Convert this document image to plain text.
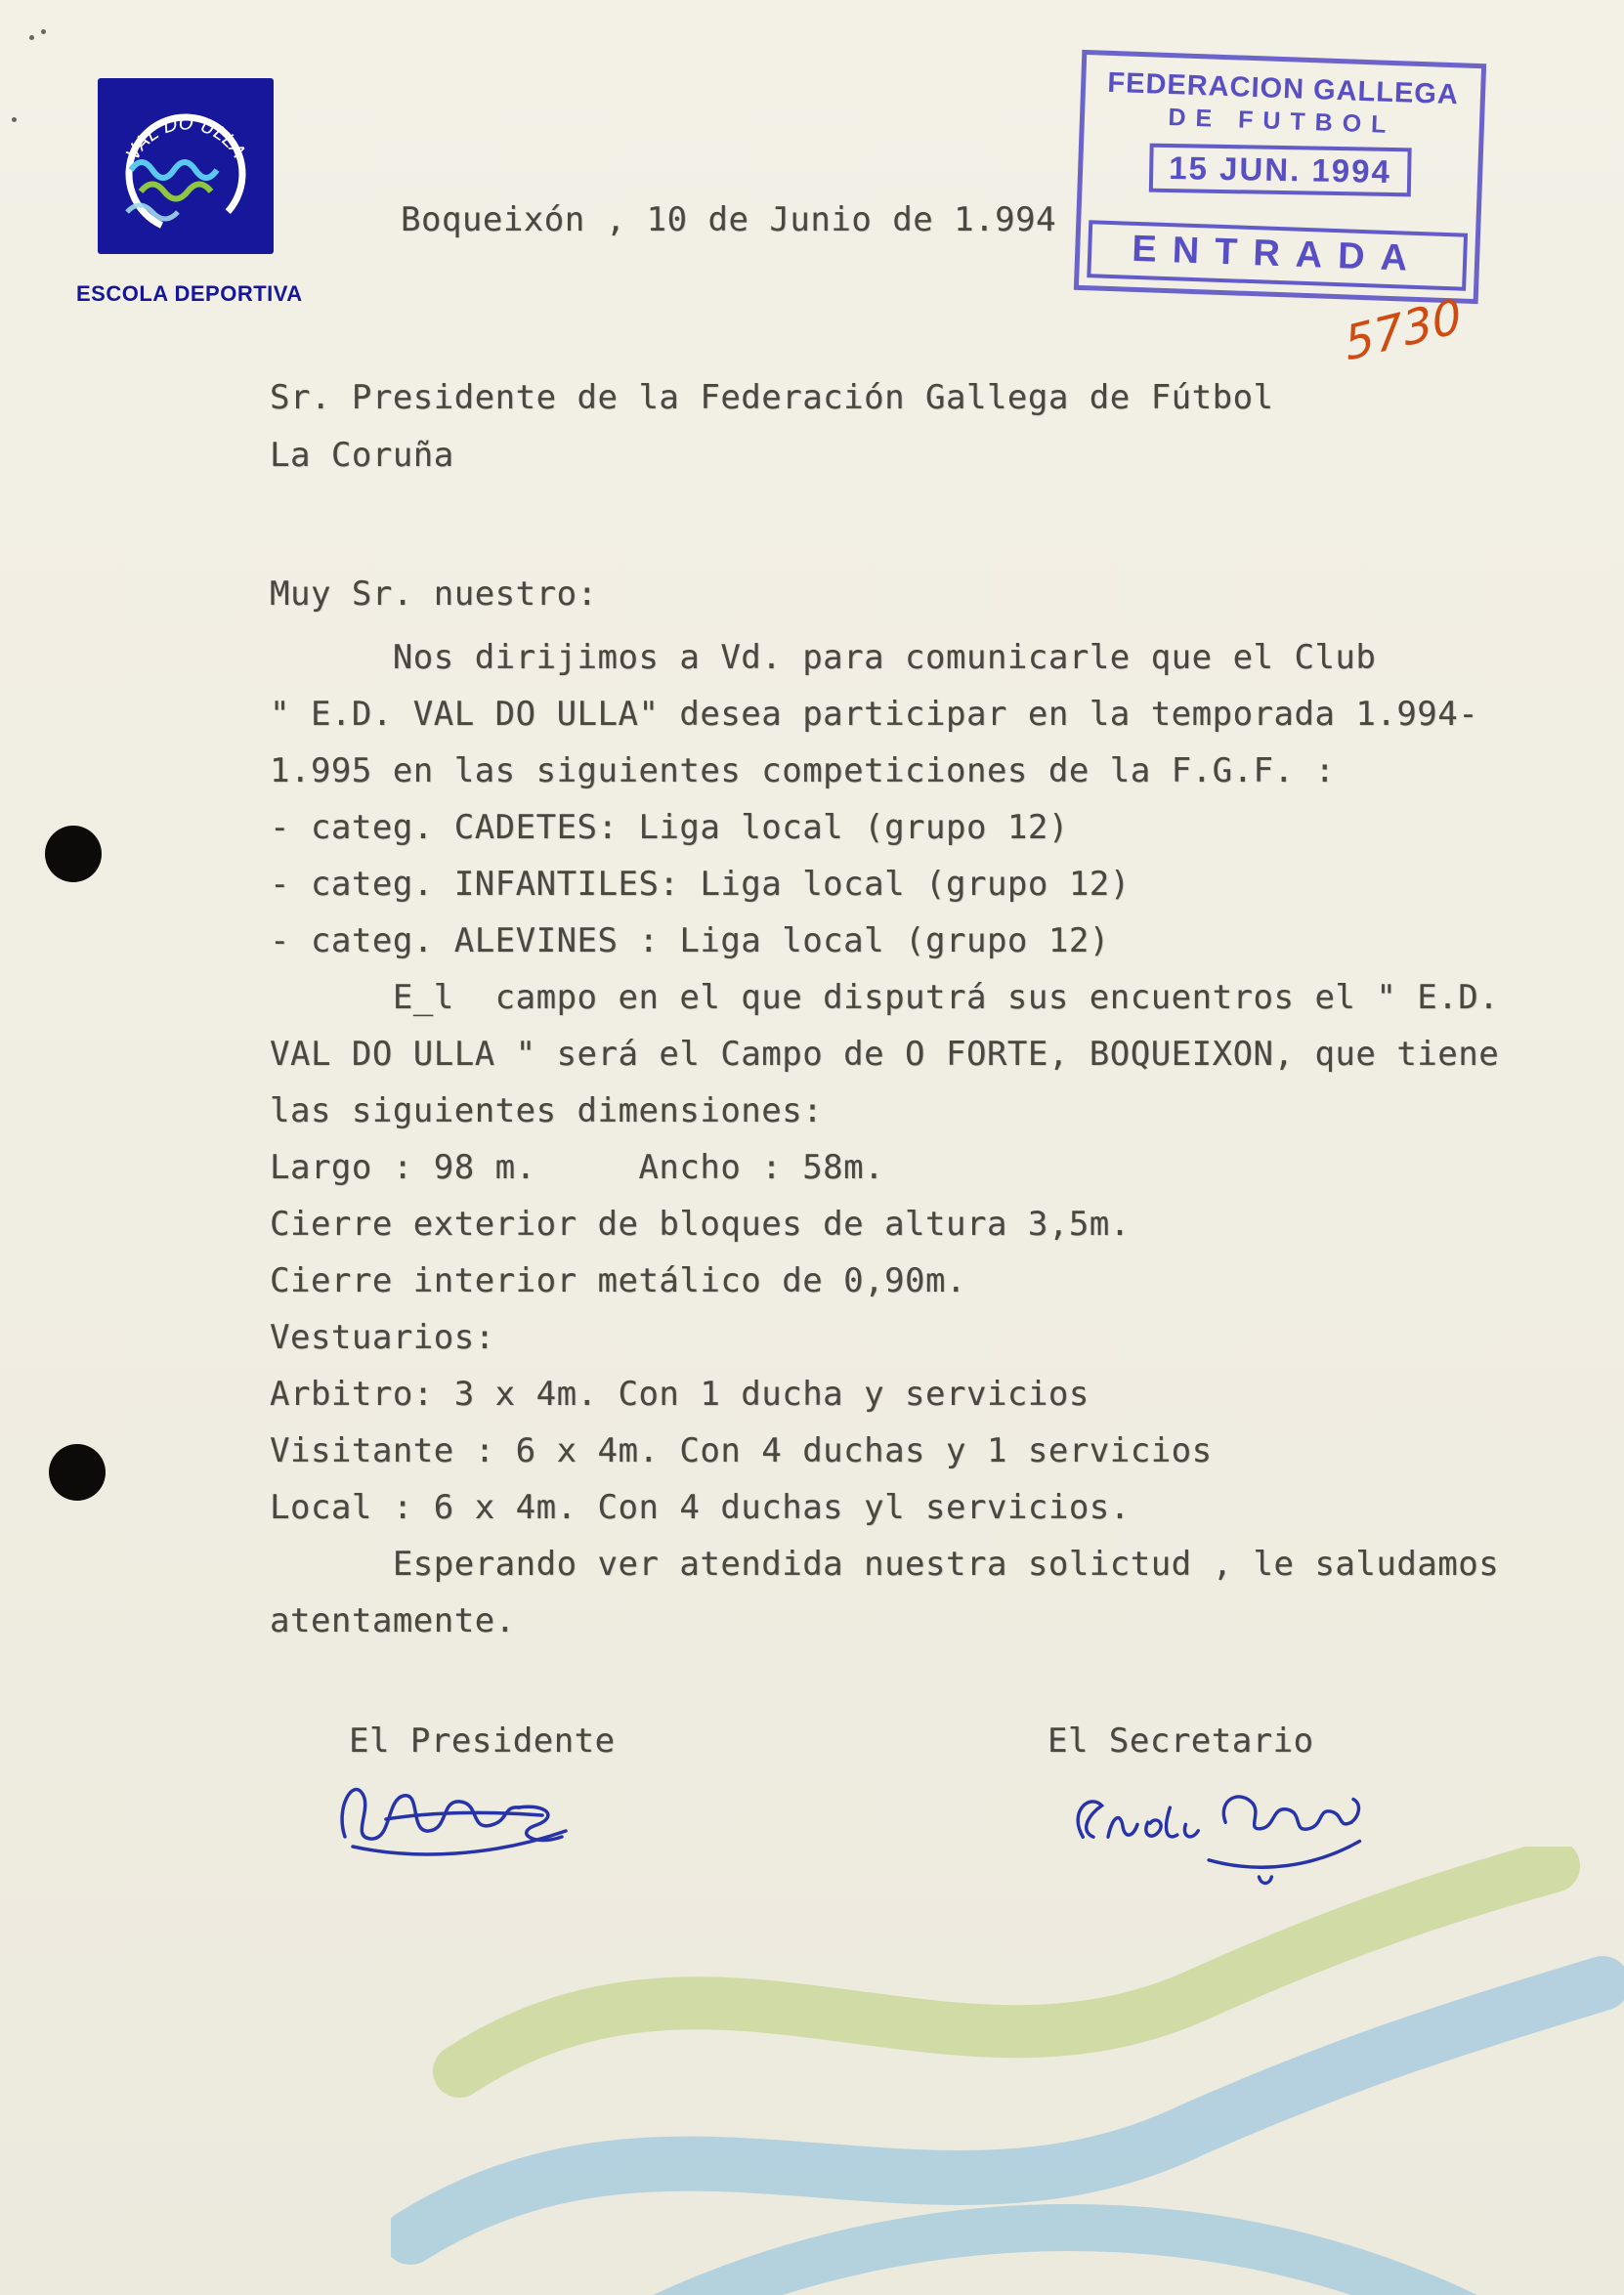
VAL DO ULLA
ESCOLA DEPORTIVA
Boqueixón , 10 de Junio de 1.994
FEDERACION GALLEGA
DE FUTBOL
15 JUN. 1994
ENTRADA
5730
Sr. Presidente de la Federación Gallega de Fútbol
La Coruña
Muy Sr. nuestro:
Nos dirijimos a Vd. para comunicarle que el Club
" E.D. VAL DO ULLA" desea participar en la temporada 1.994-
1.995 en las siguientes competiciones de la F.G.F. :
- categ. CADETES: Liga local (grupo 12)
- categ. INFANTILES: Liga local (grupo 12)
- categ. ALEVINES : Liga local (grupo 12)
E_l  campo en el que disputrá sus encuentros el " E.D.
VAL DO ULLA " será el Campo de O FORTE, BOQUEIXON, que tiene
las siguientes dimensiones:
Largo : 98 m.     Ancho : 58m.
Cierre exterior de bloques de altura 3,5m.
Cierre interior metálico de 0,90m.
Vestuarios:
Arbitro: 3 x 4m. Con 1 ducha y servicios
Visitante : 6 x 4m. Con 4 duchas y 1 servicios
Local : 6 x 4m. Con 4 duchas yl servicios.
Esperando ver atendida nuestra solictud , le saludamos
atentamente.
El Presidente	El Secretario
